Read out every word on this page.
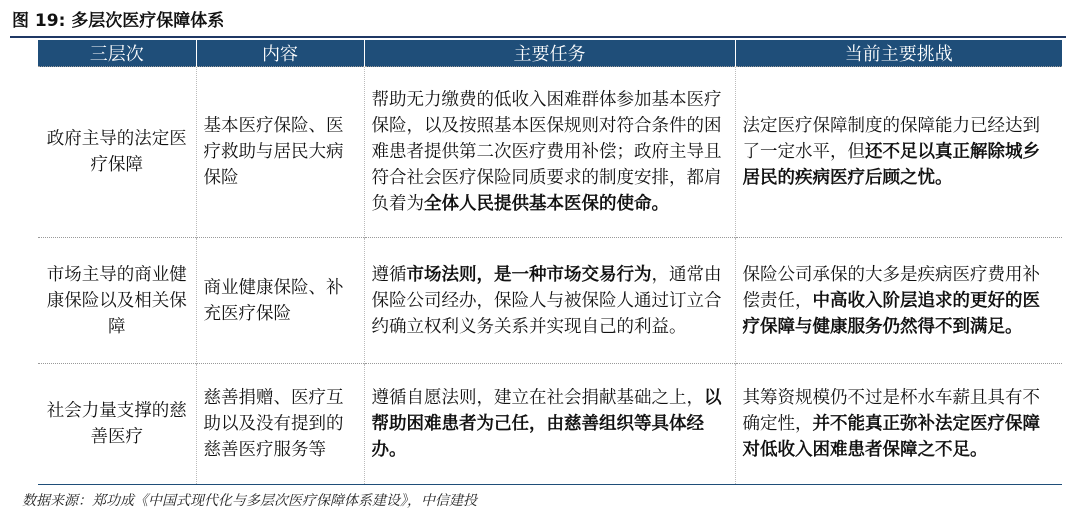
图 19: 多层次医疗保障体系
三层次	内容	主要任务	当前主要挑战
政府主导的法定医疗保障	基本医疗保险、医疗救助与居民大病保险	帮助无力缴费的低收入困难群体参加基本医疗保险，以及按照基本医保规则对符合条件的困难患者提供第二次医疗费用补偿；政府主导且符合社会医疗保险同质要求的制度安排，都肩负着为全体人民提供基本医保的使命。	法定医疗保障制度的保障能力已经达到了一定水平，但还不足以真正解除城乡居民的疾病医疗后顾之忧。
市场主导的商业健康保险以及相关保障	商业健康保险、补充医疗保险	遵循市场法则，是一种市场交易行为，通常由保险公司经办，保险人与被保险人通过订立合约确立权利义务关系并实现自己的利益。	保险公司承保的大多是疾病医疗费用补偿责任，中高收入阶层追求的更好的医疗保障与健康服务仍然得不到满足。
社会力量支撑的慈善医疗	慈善捐赠、医疗互助以及没有提到的慈善医疗服务等	遵循自愿法则，建立在社会捐献基础之上，以帮助困难患者为己任，由慈善组织等具体经办。	其筹资规模仍不过是杯水车薪且具有不确定性，并不能真正弥补法定医疗保障对低收入困难患者保障之不足。
数据来源：郑功成《中国式现代化与多层次医疗保障体系建设》，中信建投
